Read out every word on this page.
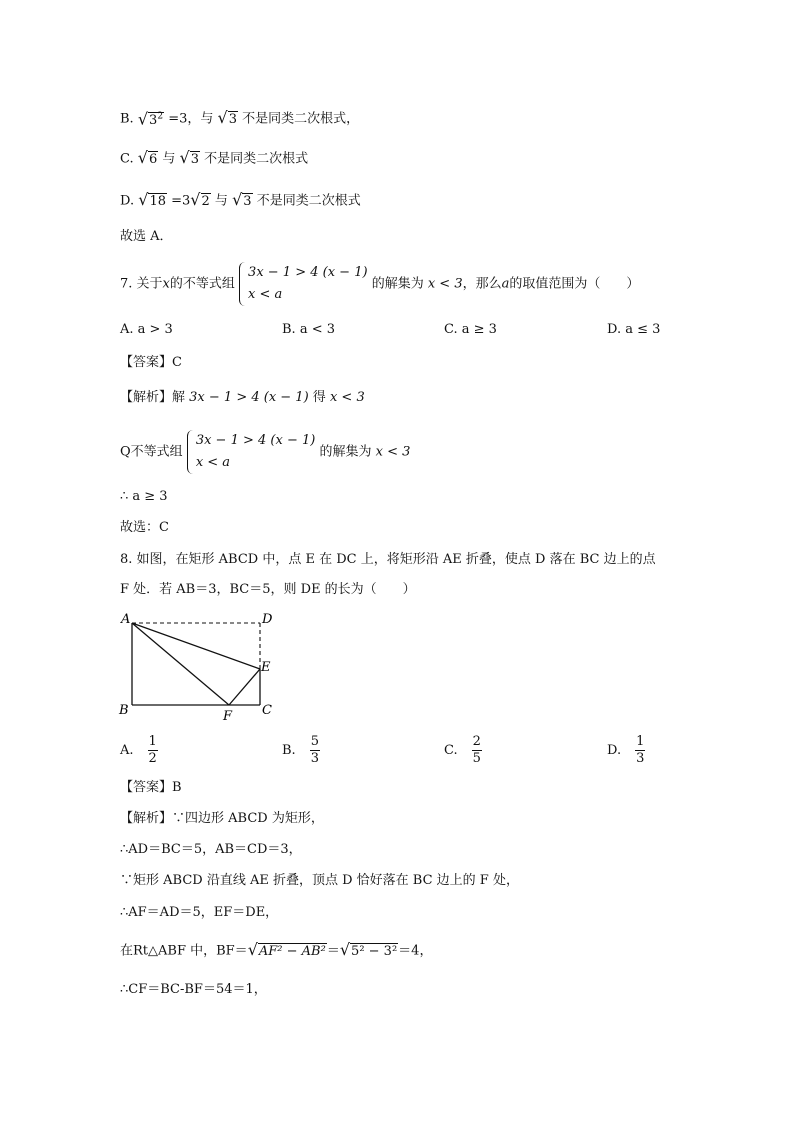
B. $√3^2 =3$，与 √3 不是同类二次根式，
C. √6 与 √3 不是同类二次根式
D. √18 =3√2 与 √3 不是同类二次根式
故选 A．
7. 关于x的不等式组
3x − 1 > 4 (x − 1)
x < a
的解集为 x < 3，那么a的取值范围为（　　）
A. a > 3	B. a < 3	C. a ≥ 3	D. a ≤ 3
【答案】C
【解析】解 3x − 1 > 4 (x − 1) 得 x < 3
Q不等式组
3x − 1 > 4 (x − 1)
x < a
的解集为 x < 3
∴ a ≥ 3
故选：C
8. 如图，在矩形 ABCD 中，点 E 在 DC 上，将矩形沿 AE 折叠，使点 D 落在 BC 边上的点
F 处．若 AB＝3，BC＝5，则 DE 的长为（　　）
A	D
E
B	C
F
A. $\frac{1}{2}$	B. $\frac{5}{3}$	C. $\frac{2}{5}$	D. $\frac{1}{3}$
【答案】B
【解析】∵四边形 ABCD 为矩形，
∴AD＝BC＝5，AB＝CD＝3，
∵矩形 ABCD 沿直线 AE 折叠，顶点 D 恰好落在 BC 边上的 F 处，
∴AF＝AD＝5，EF＝DE，
在Rt△ABF 中，BF＝√AF² − AB²＝√5² − 3²＝4，
∴CF＝BC-BF＝54＝1，
